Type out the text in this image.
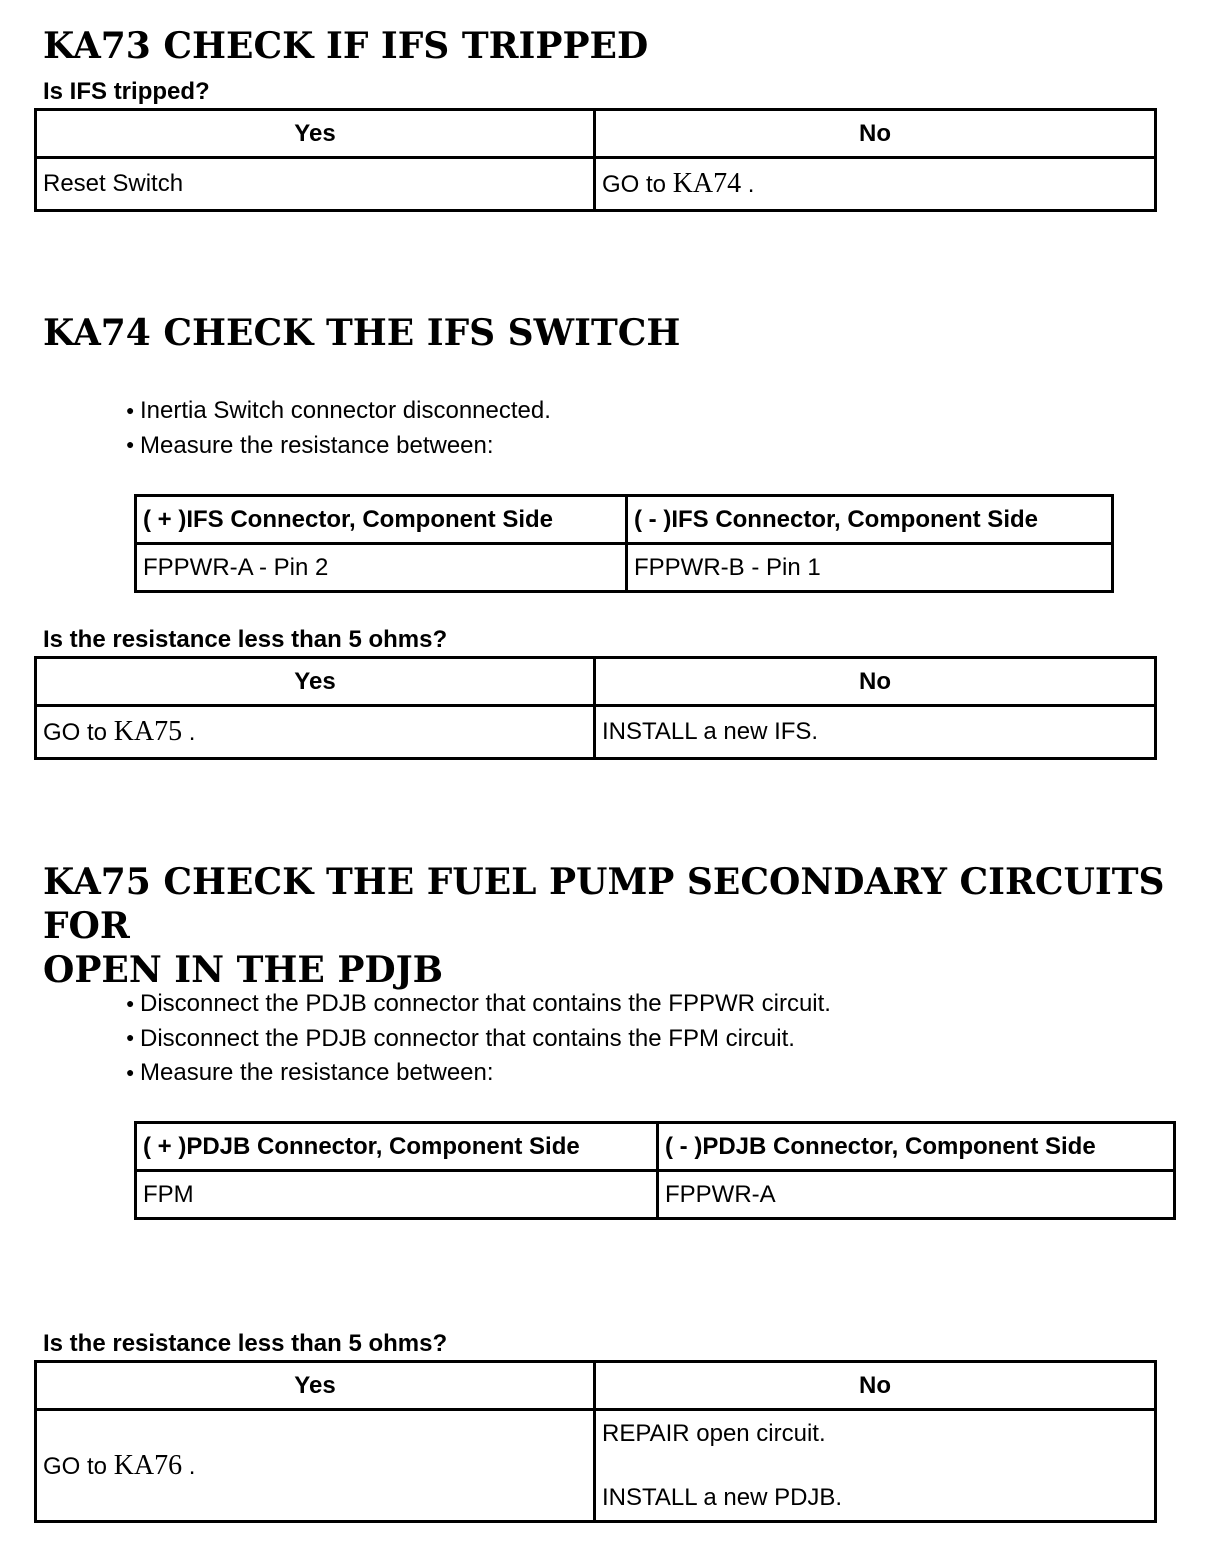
KA73 CHECK IF IFS TRIPPED

Is IFS tripped?

Yes	No
Reset Switch	GO to KA74 .
KA74 CHECK THE IFS SWITCH
● Inertia Switch connector disconnected.
● Measure the resistance between:
( + )IFS Connector, Component Side	( - )IFS Connector, Component Side
FPPWR-A - Pin 2	FPPWR-B - Pin 1

Is the resistance less than 5 ohms?

Yes	No
GO to KA75 .	INSTALL a new IFS.
KA75 CHECK THE FUEL PUMP SECONDARY CIRCUITS FOR
OPEN IN THE PDJB
● Disconnect the PDJB connector that contains the FPPWR circuit.
● Disconnect the PDJB connector that contains the FPM circuit.
● Measure the resistance between:
( + )PDJB Connector, Component Side	( - )PDJB Connector, Component Side
FPM	FPPWR-A

Is the resistance less than 5 ohms?

Yes	No
GO to KA76 .	REPAIR open circuit.

INSTALL a new PDJB.
